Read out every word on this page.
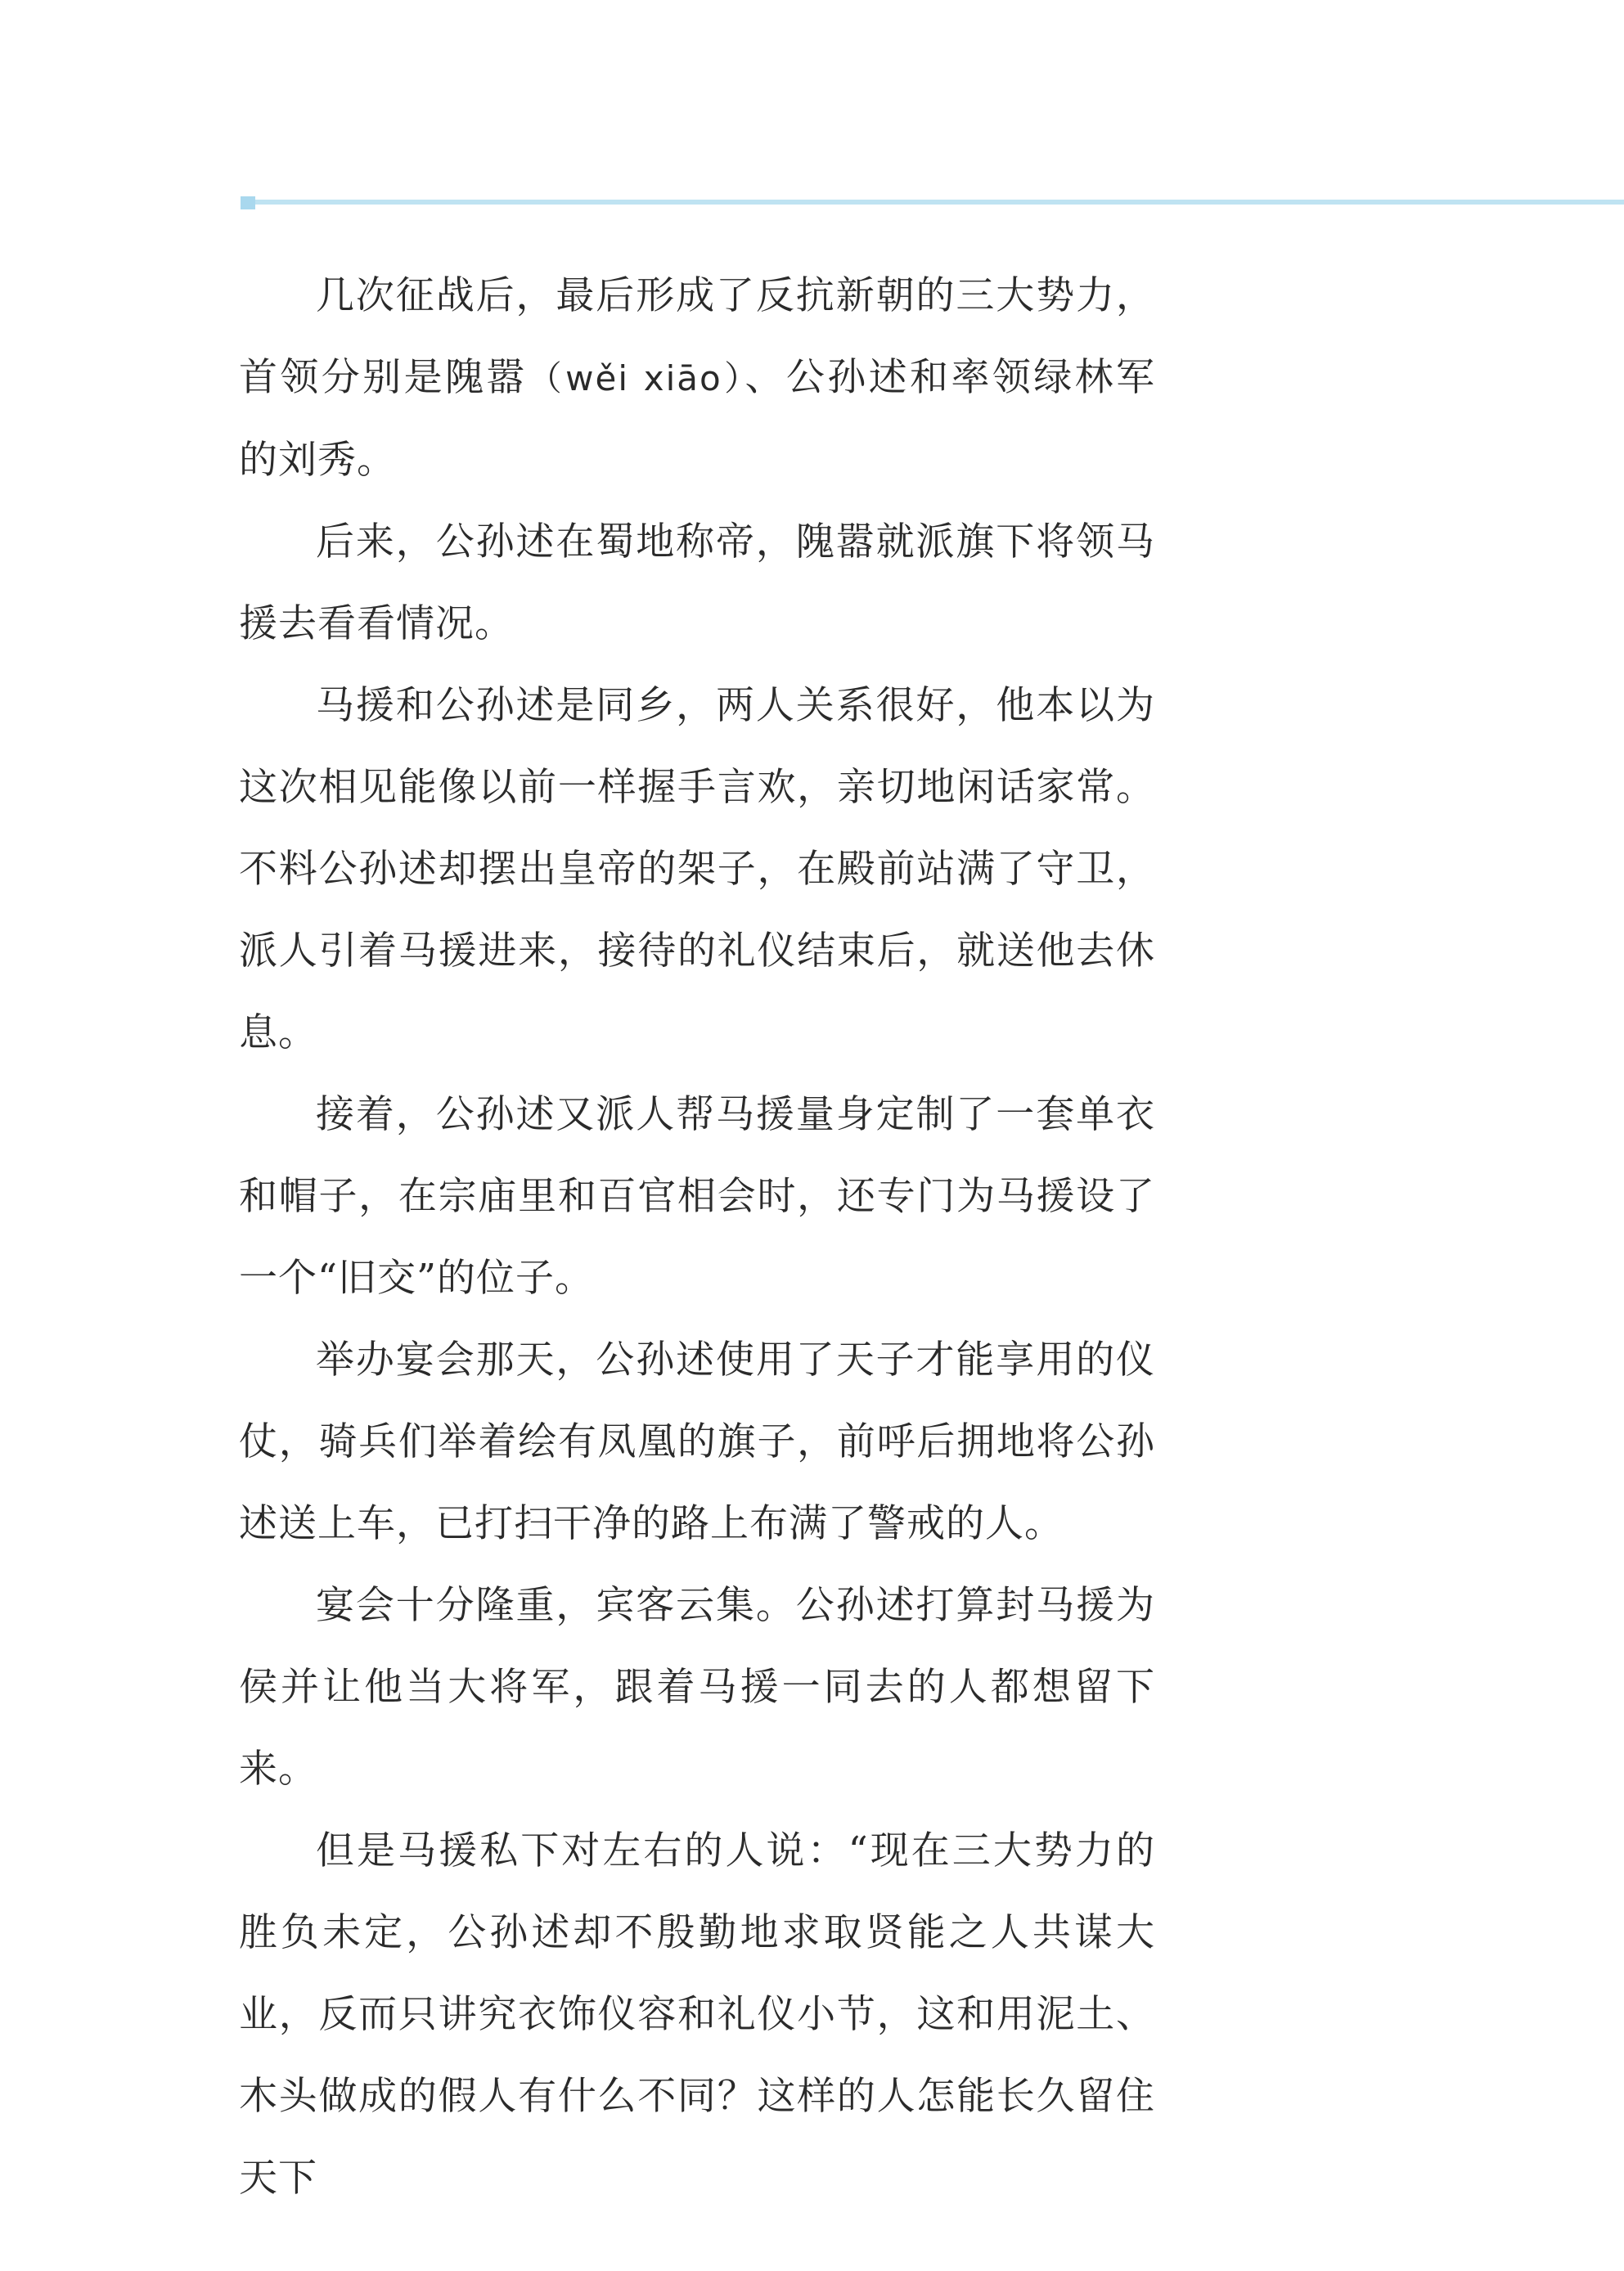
几次征战后，最后形成了反抗新朝的三大势力，首领分别是隗嚣（wěi xiāo）、公孙述和率领绿林军的刘秀。

后来，公孙述在蜀地称帝，隗嚣就派旗下将领马援去看看情况。

马援和公孙述是同乡，两人关系很好，他本以为这次相见能像以前一样握手言欢，亲切地闲话家常。不料公孙述却摆出皇帝的架子，在殿前站满了守卫，派人引着马援进来，接待的礼仪结束后，就送他去休息。

接着，公孙述又派人帮马援量身定制了一套单衣和帽子，在宗庙里和百官相会时，还专门为马援设了一个“旧交”的位子。

举办宴会那天，公孙述使用了天子才能享用的仪仗，骑兵们举着绘有凤凰的旗子，前呼后拥地将公孙述送上车，已打扫干净的路上布满了警戒的人。

宴会十分隆重，宾客云集。公孙述打算封马援为侯并让他当大将军，跟着马援一同去的人都想留下来。

但是马援私下对左右的人说：“现在三大势力的胜负未定，公孙述却不殷勤地求取贤能之人共谋大业，反而只讲究衣饰仪容和礼仪小节，这和用泥土、木头做成的假人有什么不同？这样的人怎能长久留住天下
